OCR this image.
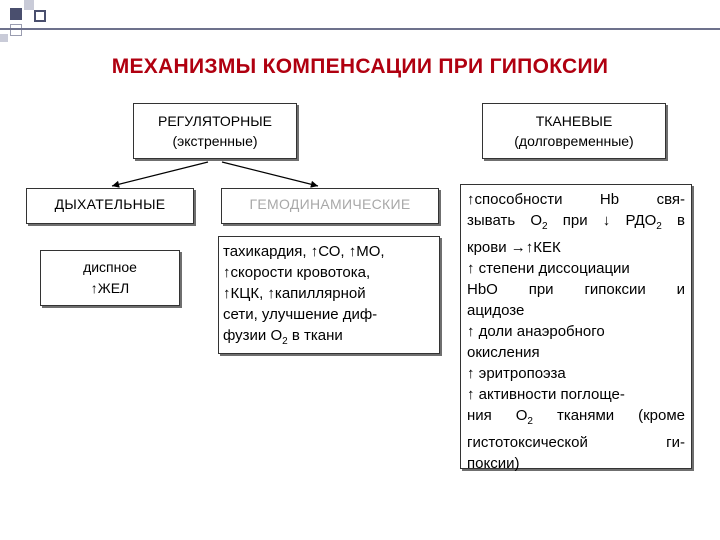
МЕХАНИЗМЫ КОМПЕНСАЦИИ ПРИ ГИПОКСИИ
РЕГУЛЯТОРНЫЕ
(экстренные)
ТКАНЕВЫЕ
(долговременные)
ДЫХАТЕЛЬНЫЕ	ГЕМОДИНАМИЧЕСКИЕ
диспное
↑ЖЕЛ
тахикардия, ↑СО, ↑МО,
↑скорости кровотока,
↑КЦК, ↑капиллярной
сети, улучшение диф-
фузии $О_2$ в ткани
↑способности Hb свя-
зывать $О_2$ при ↓ $РДО_2$ в
крови →↑КЕК
↑ степени диссоциации
HbO при гипоксии и
ацидозе
↑ доли анаэробного
окисления
↑ эритропоэза
↑ активности поглоще-
ния $О_2$ тканями (кроме
гистотоксической ги-
поксии)
